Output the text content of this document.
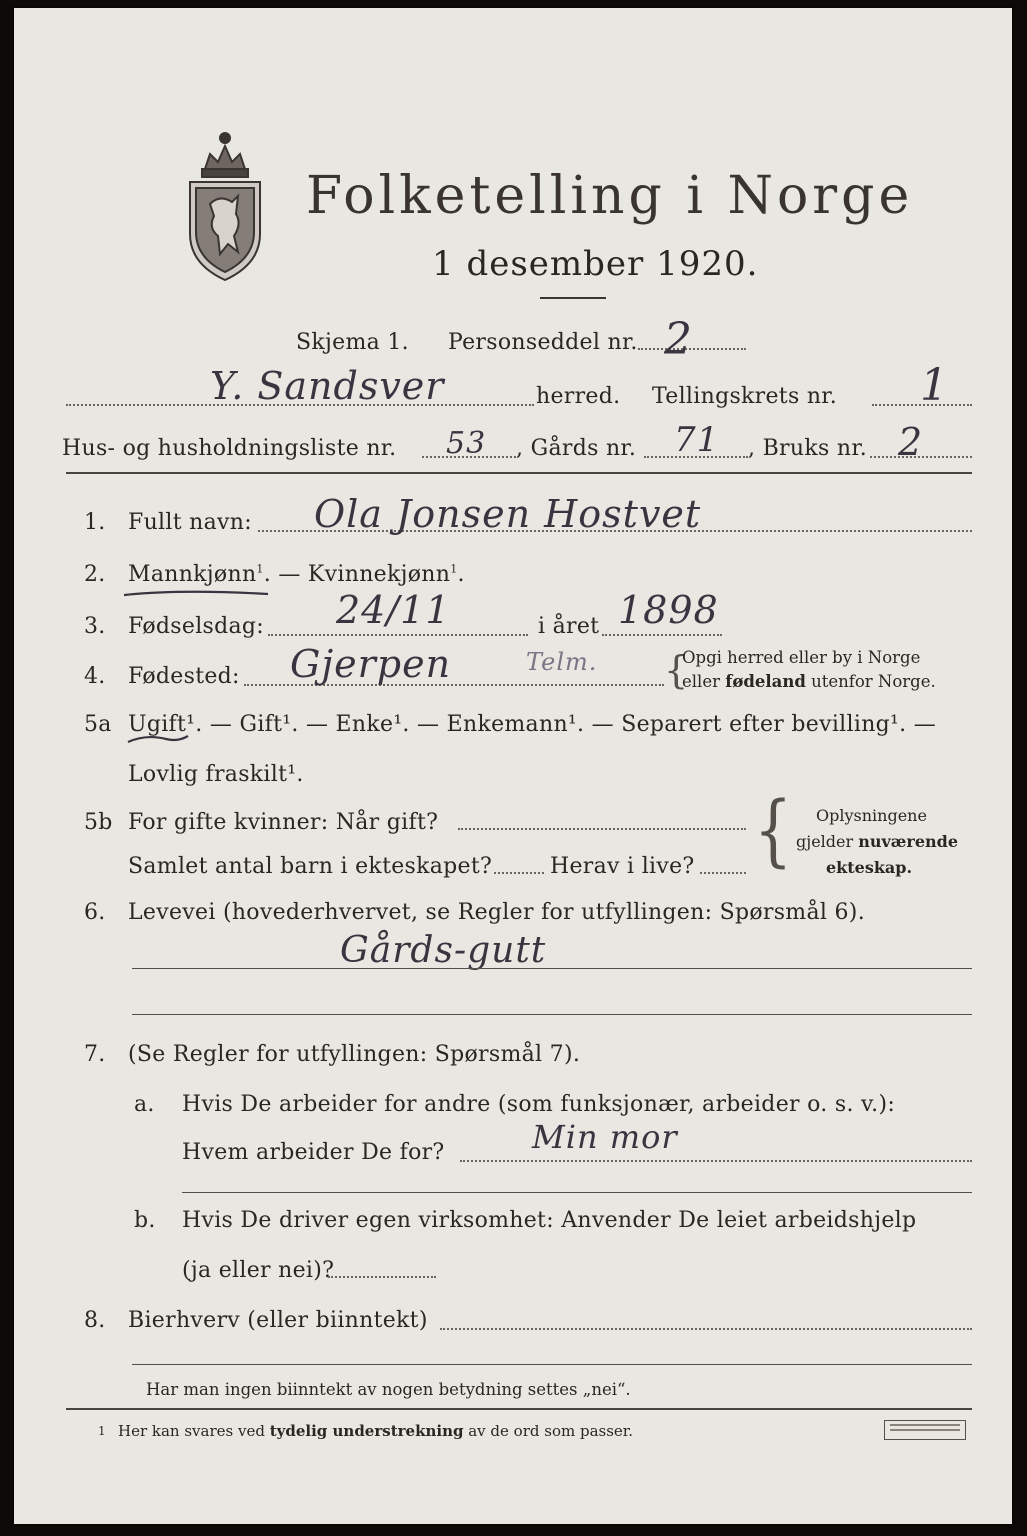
Folketelling i Norge
1 desember 1920.
Skjema 1. Personseddel nr. 2
Y. Sandsver	herred. Tellingskrets nr. 1
Hus- og husholdningsliste nr. 53 , Gårds nr. 71 , Bruks nr. 2
1. Fullt navn: Ola Jonsen Hostvet
2. Mannkjønn$^1$. — Kvinnekjønn$^1$.
3. Fødselsdag: 24/11	i året 1898
4. Fødested: Gjerpen	Telm. {
Opgi herred eller by i Norge
eller fødeland utenfor Norge.
5a Ugift¹. — Gift¹. — Enke¹. — Enkemann¹. — Separert efter bevilling¹. —
Lovlig fraskilt¹.
5b For gifte kvinner: Når gift?
Samlet antal barn i ekteskapet?	Herav i live? { Oplysningene
gjelder nuværende
ekteskap.
6. Levevei (hovederhvervet, se Regler for utfyllingen: Spørsmål 6).
Gårds-gutt
7. (Se Regler for utfyllingen: Spørsmål 7).
a. Hvis De arbeider for andre (som funksjonær, arbeider o. s. v.):
Hvem arbeider De for?	Min mor
b. Hvis De driver egen virksomhet: Anvender De leiet arbeidshjelp
(ja eller nei)?
8. Bierhverv (eller biinntekt)
Har man ingen biinntekt av nogen betydning settes „nei“.
1 Her kan svares ved tydelig understrekning av de ord som passer.
